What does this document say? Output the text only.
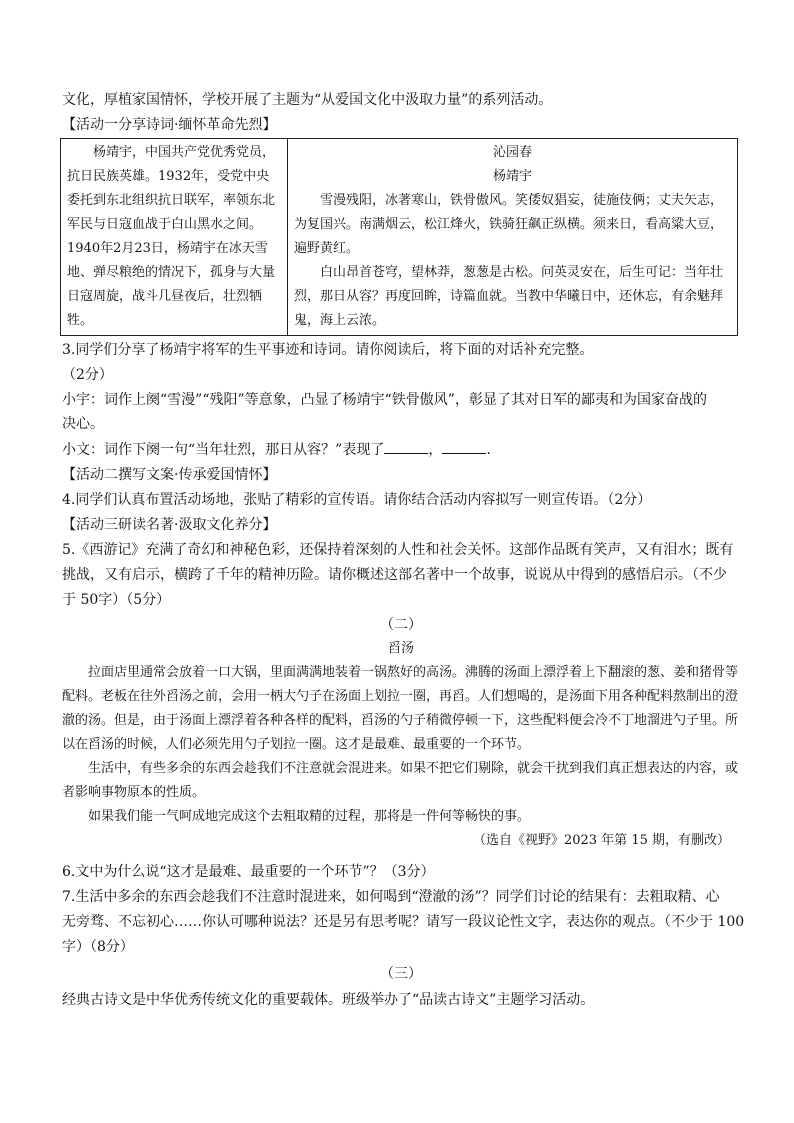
文化，厚植家国情怀，学校开展了主题为“从爱国文化中汲取力量”的系列活动。
【活动一分享诗词·缅怀革命先烈】
杨靖宇，中国共产党优秀党员，抗日民族英雄。1932年，受党中央委托到东北组织抗日联军，率领东北军民与日寇血战于白山黑水之间。1940年2月23日，杨靖宇在冰天雪地、弹尽粮绝的情况下，孤身与大量日寇周旋，战斗几昼夜后，壮烈牺牲。

沁园春
杨靖宇
雪漫残阳，冰著寒山，铁骨傲风。笑倭奴猖妄，徒施伎俩；丈夫矢志，为复国兴。南满烟云，松江烽火，铁骑狂飙正纵横。须来日，看高粱大豆，遍野黄红。
白山昂首苍穹，望林莽，葱葱是古松。问英灵安在，后生可记：当年壮烈，那日从容？再度回眸，诗篇血就。当教中华曦日中，还休忘，有余魅拜鬼，海上云浓。
3.同学们分享了杨靖宇将军的生平事迹和诗词。请你阅读后，将下面的对话补充完整。
（2分）
小宇：词作上阕“雪漫”“残阳”等意象，凸显了杨靖宇“铁骨傲风”，彰显了其对日军的鄙夷和为国家奋战的
决心。
小文：词作下阕一句“当年壮烈，那日从容？”表现了	，	.
【活动二撰写文案·传承爱国情怀】
4.同学们认真布置活动场地，张贴了精彩的宣传语。请你结合活动内容拟写一则宣传语。（2分）
【活动三研读名著·汲取文化养分】
5.《西游记》充满了奇幻和神秘色彩，还保持着深刻的人性和社会关怀。这部作品既有笑声，又有泪水；既有
挑战，又有启示，横跨了千年的精神历险。请你概述这部名著中一个故事，说说从中得到的感悟启示。（不少
于 50字）（5分）
（二）
舀汤

拉面店里通常会放着一口大锅，里面满满地装着一锅熬好的高汤。沸腾的汤面上漂浮着上下翻滚的葱、姜和猪骨等配料。老板在往外舀汤之前，会用一柄大勺子在汤面上划拉一圈，再舀。人们想喝的，是汤面下用各种配料熬制出的澄澈的汤。但是，由于汤面上漂浮着各种各样的配料，舀汤的勺子稍微停顿一下，这些配料便会冷不丁地溜进勺子里。所以在舀汤的时候，人们必须先用勺子划拉一圈。这才是最难、最重要的一个环节。

生活中，有些多余的东西会趁我们不注意就会混进来。如果不把它们剔除，就会干扰到我们真正想表达的内容，或者影响事物原本的性质。

如果我们能一气呵成地完成这个去粗取精的过程，那将是一件何等畅快的事。

（选自《视野》2023 年第 15 期，有删改）
6.文中为什么说“这才是最难、最重要的一个环节”？（3分）
7.生活中多余的东西会趁我们不注意时混进来，如何喝到“澄澈的汤”？同学们讨论的结果有：去粗取精、心
无旁骛、不忘初心……你认可哪种说法？还是另有思考呢？请写一段议论性文字，表达你的观点。（不少于 100
字）（8分）
（三）
经典古诗文是中华优秀传统文化的重要载体。班级举办了“品读古诗文”主题学习活动。
